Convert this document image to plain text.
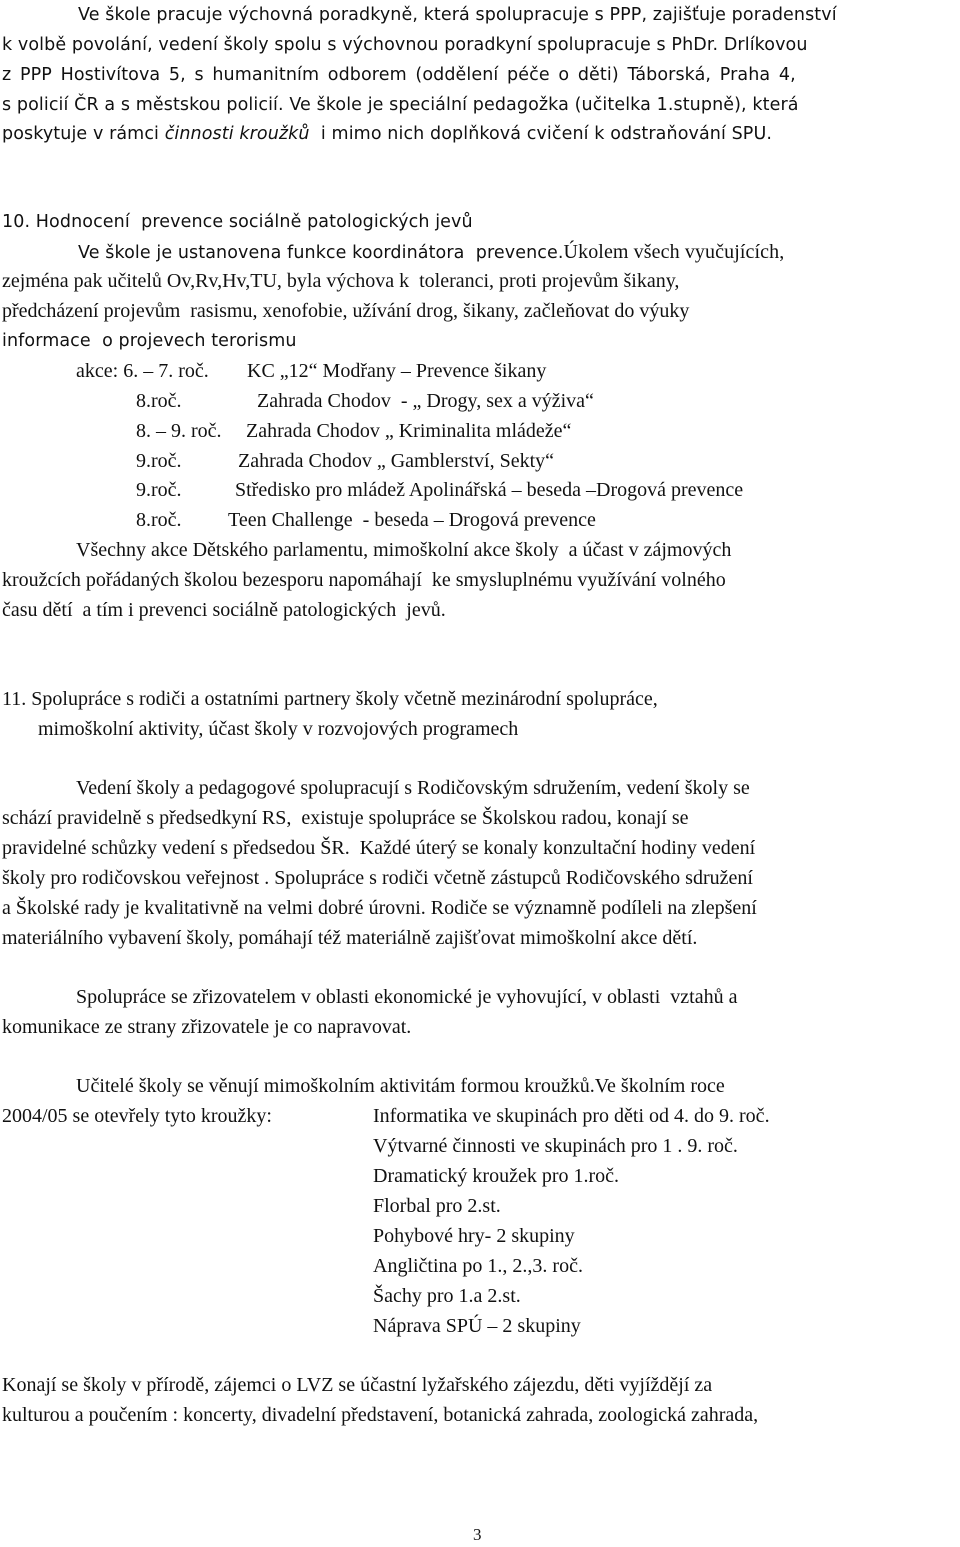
Ve škole pracuje výchovná poradkyně, která spolupracuje s PPP, zajišťuje poradenství
k volbě povolání, vedení školy spolu s výchovnou poradkyní spolupracuje s PhDr. Drlíkovou
z PPP Hostivítova 5, s humanitním odborem (oddělení péče o děti) Táborská, Praha 4,
s policií ČR a s městskou policií. Ve škole je speciální pedagožka (učitelka 1.stupně), která
poskytuje v rámci činnosti kroužků  i mimo nich doplňková cvičení k odstraňování SPU.
10. Hodnocení  prevence sociálně patologických jevů
Ve škole je ustanovena funkce koordinátora  prevence.Úkolem všech vyučujících,
zejména pak učitelů Ov,Rv,Hv,TU, byla výchova k  toleranci, proti projevům šikany,
předcházení projevům  rasismu, xenofobie, užívání drog, šikany, začleňovat do výuky
informace  o projevech terorismu
akce: 6. – 7. roč. KC „12“ Modřany – Prevence šikany
8.roč.	Zahrada Chodov  - „ Drogy, sex a výživa“
8. – 9. roč. Zahrada Chodov „ Kriminalita mládeže“
9.roč.	Zahrada Chodov „ Gamblerství, Sekty“
9.roč.	Středisko pro mládež Apolinářská – beseda –Drogová prevence
8.roč. Teen Challenge  - beseda – Drogová prevence
Všechny akce Dětského parlamentu, mimoškolní akce školy  a účast v zájmových
kroužcích pořádaných školou bezesporu napomáhají  ke smysluplnému využívání volného
času dětí  a tím i prevenci sociálně patologických  jevů.
11. Spolupráce s rodiči a ostatními partnery školy včetně mezinárodní spolupráce,
mimoškolní aktivity, účast školy v rozvojových programech
Vedení školy a pedagogové spolupracují s Rodičovským sdružením, vedení školy se
schází pravidelně s předsedkyní RS,  existuje spolupráce se Školskou radou, konají se
pravidelné schůzky vedení s předsedou ŠR.  Každé úterý se konaly konzultační hodiny vedení
školy pro rodičovskou veřejnost . Spolupráce s rodiči včetně zástupců Rodičovského sdružení
a Školské rady je kvalitativně na velmi dobré úrovni. Rodiče se významně podíleli na zlepšení
materiálního vybavení školy, pomáhají též materiálně zajišťovat mimoškolní akce dětí.
Spolupráce se zřizovatelem v oblasti ekonomické je vyhovující, v oblasti  vztahů a
komunikace ze strany zřizovatele je co napravovat.
Učitelé školy se věnují mimoškolním aktivitám formou kroužků.Ve školním roce
2004/05 se otevřely tyto kroužky:	Informatika ve skupinách pro děti od 4. do 9. roč.
Výtvarné činnosti ve skupinách pro 1 . 9. roč.
Dramatický kroužek pro 1.roč.
Florbal pro 2.st.
Pohybové hry- 2 skupiny
Angličtina po 1., 2.,3. roč.
Šachy pro 1.a 2.st.
Náprava SPÚ – 2 skupiny
Konají se školy v přírodě, zájemci o LVZ se účastní lyžařského zájezdu, děti vyjíždějí za
kulturou a poučením : koncerty, divadelní představení, botanická zahrada, zoologická zahrada,
3
